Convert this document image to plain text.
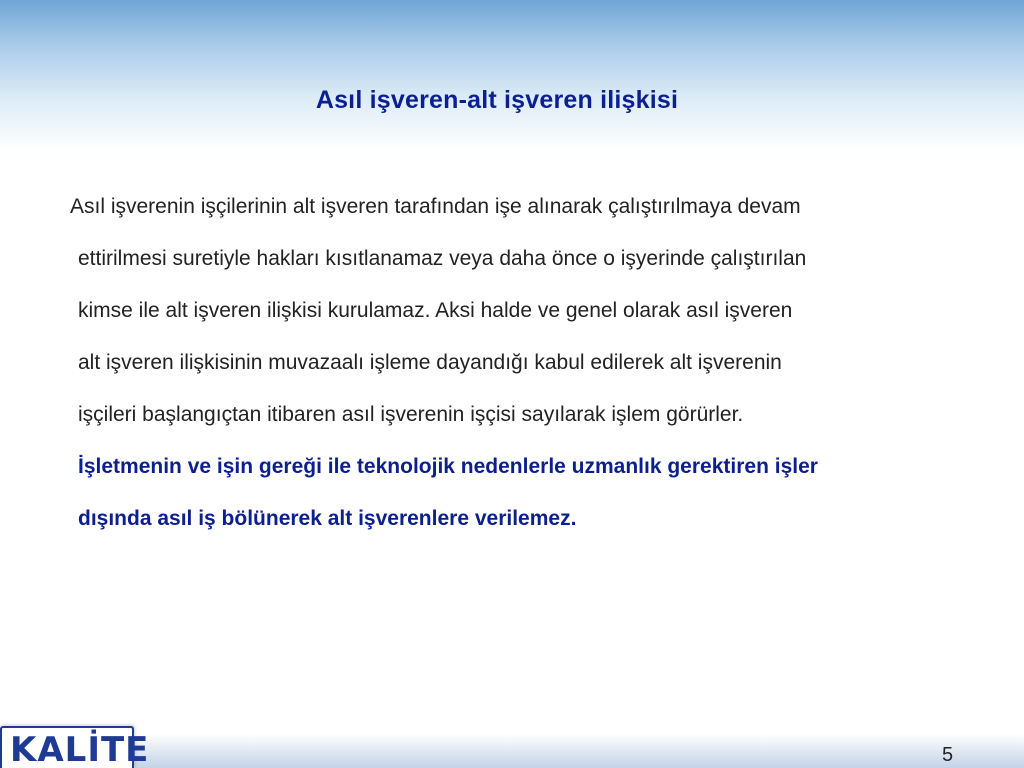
Asıl işveren-alt işveren ilişkisi
Asıl işverenin işçilerinin alt işveren tarafından işe alınarak çalıştırılmaya devam
ettirilmesi suretiyle hakları kısıtlanamaz veya daha önce o işyerinde çalıştırılan
kimse ile alt işveren ilişkisi kurulamaz. Aksi halde ve genel olarak asıl işveren
alt işveren ilişkisinin muvazaalı işleme dayandığı kabul edilerek alt işverenin
işçileri başlangıçtan itibaren asıl işverenin işçisi sayılarak işlem görürler.
İşletmenin ve işin gereği ile teknolojik nedenlerle uzmanlık gerektiren işler
dışında asıl iş bölünerek alt işverenlere verilemez.
KALİTE	5
